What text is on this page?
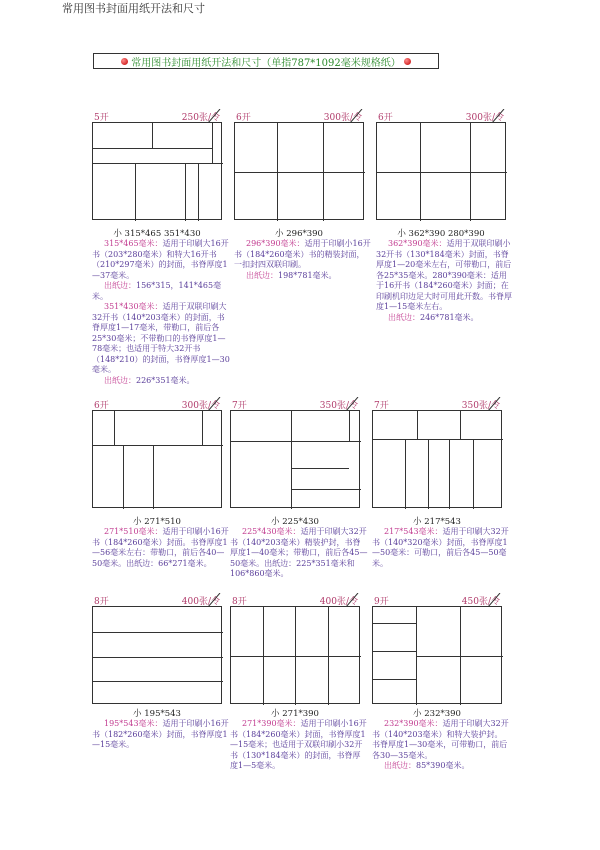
常用图书封面用纸开法和尺寸
常用图书封面用纸开法和尺寸（单指787*1092毫米规格纸）
5开	250张/令
小 315*465 351*430
315*465毫米：适用于印刷大16开书（203*280毫米）和特大16开书（210*297毫米）的封面，书脊厚度1—37毫米。
出纸边：156*315，141*465毫米。
351*430毫米：适用于双联印刷大32开书（140*203毫米）的封面，书脊厚度1—17毫米，带勒口，前后各25*30毫米；不带勒口的书脊厚度1—78毫米；也适用于特大32开书（148*210）的封面，书脊厚度1—30毫米。
出纸边：226*351毫米。
6开	300张/令
小 296*390
296*390毫米：适用于印刷小16开书（184*260毫米）书的精装封面，一扣封四双联印刷。
出纸边：198*781毫米。
6开	300张/令
小 362*390 280*390
362*390毫米：适用于双联印刷小32开书（130*184毫米）封面，书脊厚度1—20毫米左右，可带勒口，前后各25*35毫米。280*390毫米：适用于16开书（184*260毫米）封面；在印刷机印边足大时可用此开数。书脊厚度1—15毫米左右。
出纸边：246*781毫米。
6开	300张/令
小 271*510
271*510毫米：适用于印刷小16开书（184*260毫米）封面。书脊厚度1—56毫米左右：带勒口，前后各40—50毫米。出纸边：66*271毫米。
7开	350张/令
小 225*430
225*430毫米：适用于印刷大32开书（140*203毫米）精装护封，书脊厚度1—40毫米；带勒口，前后各45—50毫米。出纸边：225*351毫米和106*860毫米。
7开	350张/令
小 217*543
217*543毫米：适用于印刷大32开书（140*320毫米）封面，书脊厚度1—50毫米：可勒口，前后各45—50毫米。
8开	400张/令
小 195*543
195*543毫米：适用于印刷小16开书（182*260毫米）封面，书脊厚度1—15毫米。
8开	400张/令
小 271*390
271*390毫米：适用于印刷小16开书（184*260毫米）封面，书脊厚度1—15毫米；也适用于双联印刷小32开书（130*184毫米）的封面，书脊厚度1—5毫米。
9开	450张/令
小 232*390
232*390毫米：适用于印刷大32开书（140*203毫米）和特大装护封。书脊厚度1—30毫米，可带勒口，前后各30—35毫米。
出纸边：85*390毫米。
